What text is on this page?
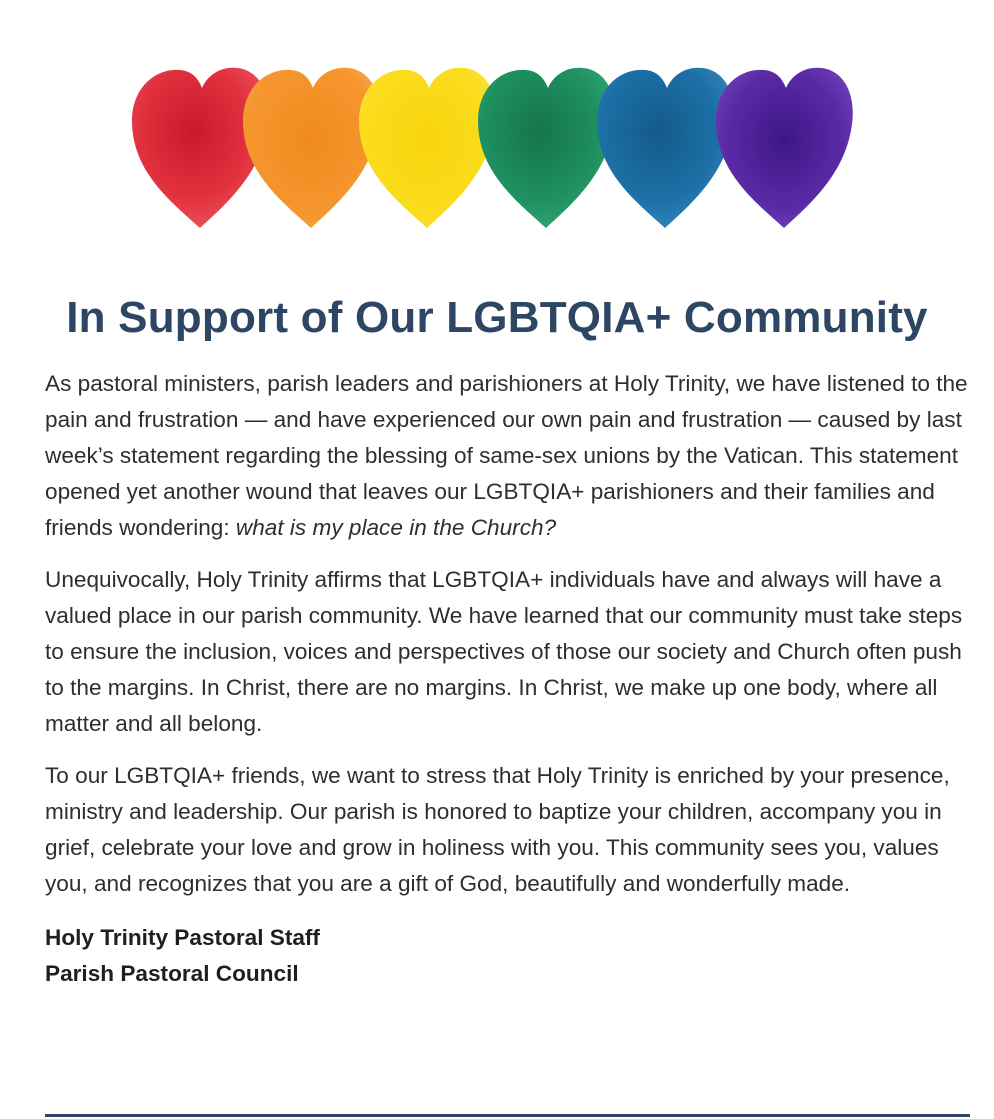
In Support of Our LGBTQIA+ Community

As pastoral ministers, parish leaders and parishioners at Holy Trinity, we have listened to the pain and frustration — and have experienced our own pain and frustration — caused by last week’s statement regarding the blessing of same-sex unions by the Vatican. This statement opened yet another wound that leaves our LGBTQIA+ parishioners and their families and friends wondering: what is my place in the Church?

Unequivocally, Holy Trinity affirms that LGBTQIA+ individuals have and always will have a valued place in our parish community. We have learned that our community must take steps to ensure the inclusion, voices and perspectives of those our society and Church often push to the margins. In Christ, there are no margins. In Christ, we make up one body, where all matter and all belong.

To our LGBTQIA+ friends, we want to stress that Holy Trinity is enriched by your presence, ministry and leadership. Our parish is honored to baptize your children, accompany you in grief, celebrate your love and grow in holiness with you. This community sees you, values you, and recognizes that you are a gift of God, beautifully and wonderfully made.

Holy Trinity Pastoral Staff
Parish Pastoral Council
